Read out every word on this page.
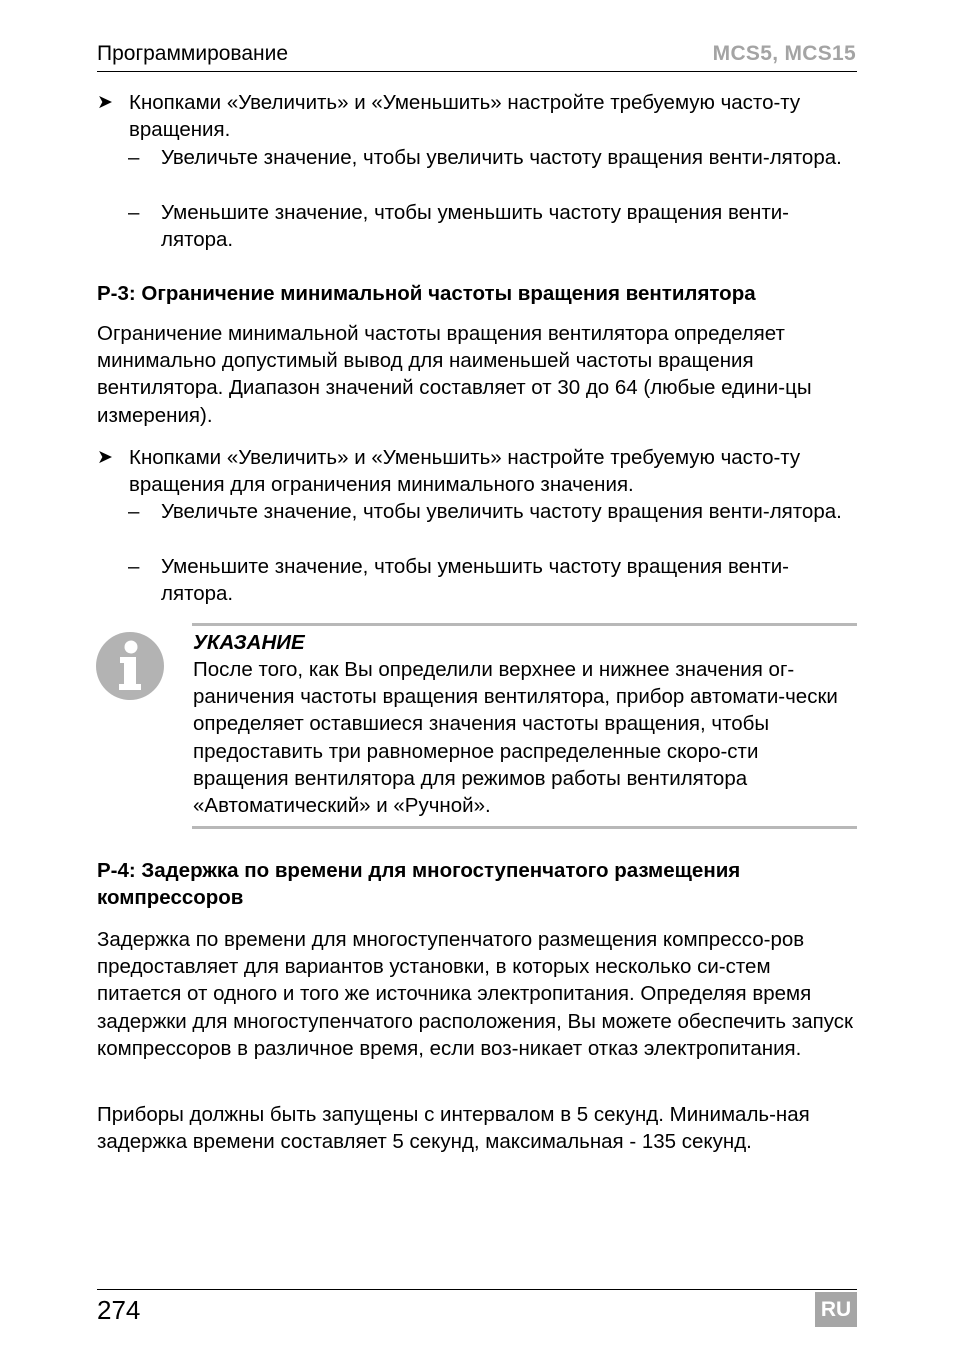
Программирование	MCS5, MCS15
➤ Кнопками «Увеличить» и «Уменьшить» настройте требуемую часто-ту вращения.
– Увеличьте значение, чтобы увеличить частоту вращения венти-лятора.
– Уменьшите значение, чтобы уменьшить частоту вращения венти-лятора.
P-3: Ограничение минимальной частоты вращения вентилятора
Ограничение минимальной частоты вращения вентилятора определяет минимально допустимый вывод для наименьшей частоты вращения вентилятора. Диапазон значений составляет от 30 до 64 (любые едини-цы измерения).
➤ Кнопками «Увеличить» и «Уменьшить» настройте требуемую часто-ту вращения для ограничения минимального значения.
– Увеличьте значение, чтобы увеличить частоту вращения венти-лятора.
– Уменьшите значение, чтобы уменьшить частоту вращения венти-лятора.
УКАЗАНИЕ
После того, как Вы определили верхнее и нижнее значения ог-раничения частоты вращения вентилятора, прибор автомати-чески определяет оставшиеся значения частоты вращения, чтобы предоставить три равномерное распределенные скоро-сти вращения вентилятора для режимов работы вентилятора «Автоматический» и «Ручной».
P-4: Задержка по времени для многоступенчатого размещения компрессоров
Задержка по времени для многоступенчатого размещения компрессо-ров предоставляет для вариантов установки, в которых несколько си-стем питается от одного и того же источника электропитания. Определяя время задержки для многоступенчатого расположения, Вы можете обеспечить запуск компрессоров в различное время, если воз-никает отказ электропитания.
Приборы должны быть запущены с интервалом в 5 секунд. Минималь-ная задержка времени составляет 5 секунд, максимальная - 135 секунд.
274	RU
